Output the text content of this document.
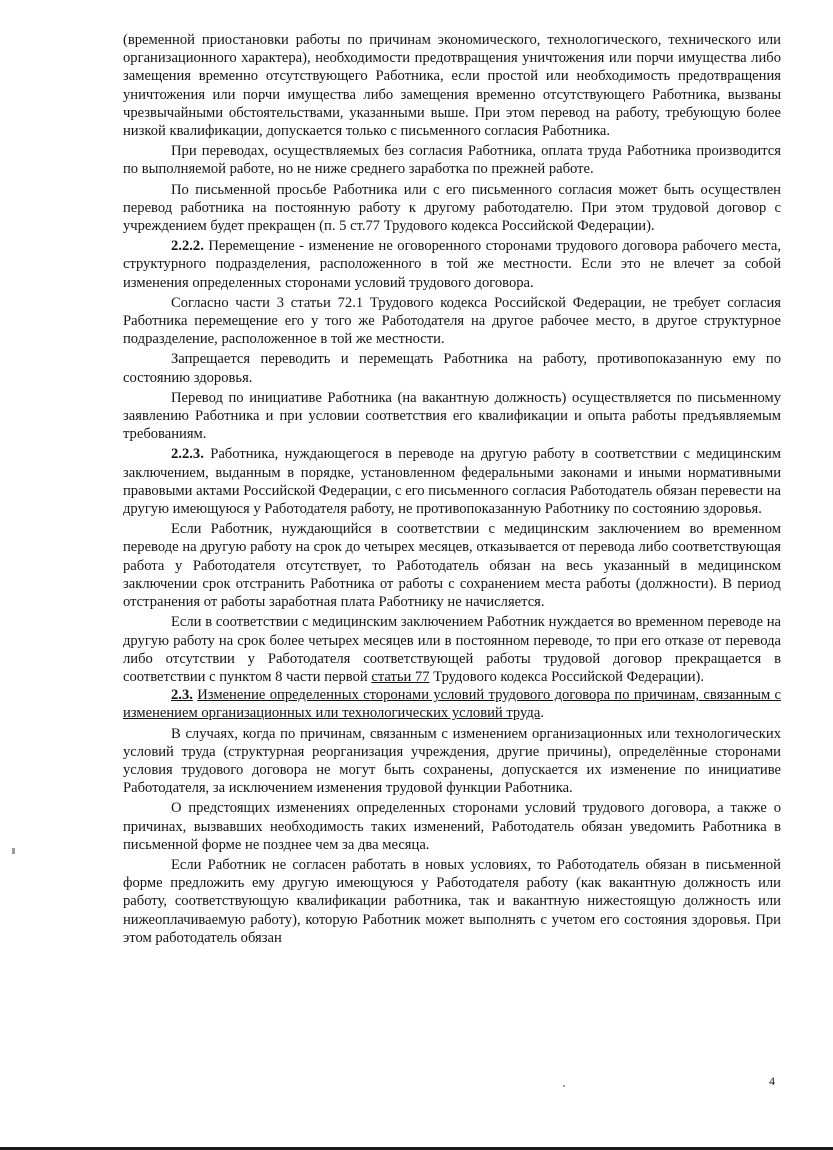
(временной приостановки работы по причинам экономического, технологического, технического или организационного характера), необходимости предотвращения уничтожения или порчи имущества либо замещения временно отсутствующего Работника, если простой или необходимость предотвращения уничтожения или порчи имущества либо замещения временно отсутствующего Работника, вызваны чрезвычайными обстоятельствами, указанными выше. При этом перевод на работу, требующую более низкой квалификации, допускается только с письменного согласия Работника.

При переводах, осуществляемых без согласия Работника, оплата труда Работника производится по выполняемой работе, но не ниже среднего заработка по прежней работе.

По письменной просьбе Работника или с его письменного согласия может быть осуществлен перевод работника на постоянную работу к другому работодателю. При этом трудовой договор с учреждением будет прекращен (п. 5 ст.77 Трудового кодекса Российской Федерации).

2.2.2. Перемещение - изменение не оговоренного сторонами трудового договора рабочего места, структурного подразделения, расположенного в той же местности. Если это не влечет за собой изменения определенных сторонами условий трудового договора.

Согласно части 3 статьи 72.1 Трудового кодекса Российской Федерации, не требует согласия Работника перемещение его у того же Работодателя на другое рабочее место, в другое структурное подразделение, расположенное в той же местности.

Запрещается переводить и перемещать Работника на работу, противопоказанную ему по состоянию здоровья.

Перевод по инициативе Работника (на вакантную должность) осуществляется по письменному заявлению Работника и при условии соответствия его квалификации и опыта работы предъявляемым требованиям.

2.2.3. Работника, нуждающегося в переводе на другую работу в соответствии с медицинским заключением, выданным в порядке, установленном федеральными законами и иными нормативными правовыми актами Российской Федерации, с его письменного согласия Работодатель обязан перевести на другую имеющуюся у Работодателя работу, не противопоказанную Работнику по состоянию здоровья.

Если Работник, нуждающийся в соответствии с медицинским заключением во временном переводе на другую работу на срок до четырех месяцев, отказывается от перевода либо соответствующая работа у Работодателя отсутствует, то Работодатель обязан на весь указанный в медицинском заключении срок отстранить Работника от работы с сохранением места работы (должности). В период отстранения от работы заработная плата Работнику не начисляется.

Если в соответствии с медицинским заключением Работник нуждается во временном переводе на другую работу на срок более четырех месяцев или в постоянном переводе, то при его отказе от перевода либо отсутствии у Работодателя соответствующей работы трудовой договор прекращается в соответствии с пунктом 8 части первой статьи 77 Трудового кодекса Российской Федерации).

2.3. Изменение определенных сторонами условий трудового договора по причинам, связанным с изменением организационных или технологических условий труда.

В случаях, когда по причинам, связанным с изменением организационных или технологических условий труда (структурная реорганизация учреждения, другие причины), определённые сторонами условия трудового договора не могут быть сохранены, допускается их изменение по инициативе Работодателя, за исключением изменения трудовой функции Работника.

О предстоящих изменениях определенных сторонами условий трудового договора, а также о причинах, вызвавших необходимость таких изменений, Работодатель обязан уведомить Работника в письменной форме не позднее чем за два месяца.

Если Работник не согласен работать в новых условиях, то Работодатель обязан в письменной форме предложить ему другую имеющуюся у Работодателя работу (как вакантную должность или работу, соответствующую квалификации работника, так и вакантную нижестоящую должность или нижеоплачиваемую работу), которую Работник может выполнять с учетом его состояния здоровья. При этом работодатель обязан

4
